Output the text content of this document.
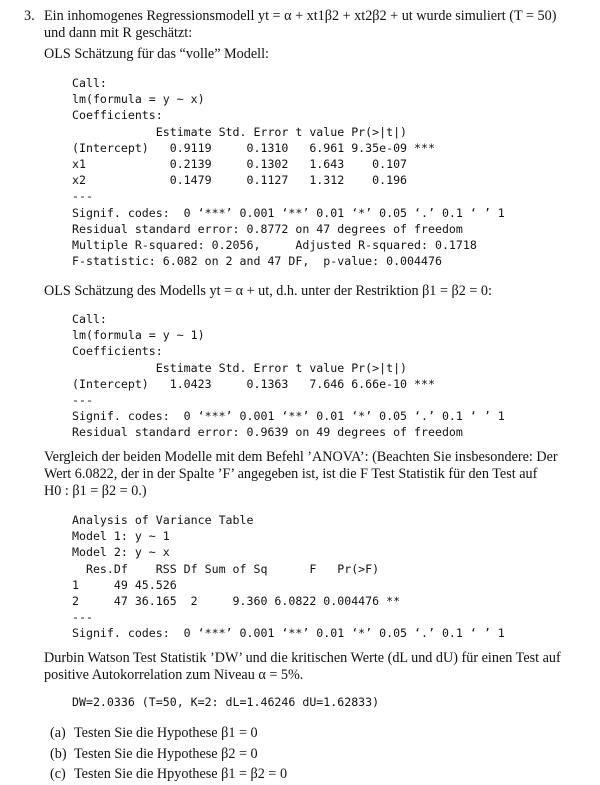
3. Ein inhomogenes Regressionsmodell yt = α + xt1β2 + xt2β2 + ut wurde simuliert (T = 50)

und dann mit R geschätzt:

OLS Schätzung für das “volle” Modell:

Call:
lm(formula = y ~ x)
Coefficients:
Estimate Std. Error t value Pr(>|t|)
(Intercept)   0.9119     0.1310   6.961 9.35e-09 ***
x1            0.2139     0.1302   1.643    0.107
x2            0.1479     0.1127   1.312    0.196
---
Signif. codes:  0 ‘***’ 0.001 ‘**’ 0.01 ‘*’ 0.05 ‘.’ 0.1 ‘ ’ 1
Residual standard error: 0.8772 on 47 degrees of freedom
Multiple R-squared: 0.2056,     Adjusted R-squared: 0.1718
F-statistic: 6.082 on 2 and 47 DF,  p-value: 0.004476

OLS Schätzung des Modells yt = α + ut, d.h. unter der Restriktion β1 = β2 = 0:

Call:
lm(formula = y ~ 1)
Coefficients:
Estimate Std. Error t value Pr(>|t|)
(Intercept)   1.0423     0.1363   7.646 6.66e-10 ***
---
Signif. codes:  0 ‘***’ 0.001 ‘**’ 0.01 ‘*’ 0.05 ‘.’ 0.1 ‘ ’ 1
Residual standard error: 0.9639 on 49 degrees of freedom

Vergleich der beiden Modelle mit dem Befehl ’ANOVA’: (Beachten Sie insbesondere: Der

Wert 6.0822, der in der Spalte ’F’ angegeben ist, ist die F Test Statistik für den Test auf

H0 : β1 = β2 = 0.)

Analysis of Variance Table
Model 1: y ~ 1
Model 2: y ~ x
Res.Df    RSS Df Sum of Sq      F   Pr(>F)
1     49 45.526
2     47 36.165  2     9.360 6.0822 0.004476 **
---
Signif. codes:  0 ‘***’ 0.001 ‘**’ 0.01 ‘*’ 0.05 ‘.’ 0.1 ‘ ’ 1

Durbin Watson Test Statistik ’DW’ und die kritischen Werte (dL und dU) für einen Test auf

positive Autokorrelation zum Niveau α = 5%.

DW=2.0336 (T=50, K=2: dL=1.46246 dU=1.62833)
(a) Testen Sie die Hypothese β1 = 0
(b) Testen Sie die Hypothese β2 = 0
(c) Testen Sie die Hpyothese β1 = β2 = 0
